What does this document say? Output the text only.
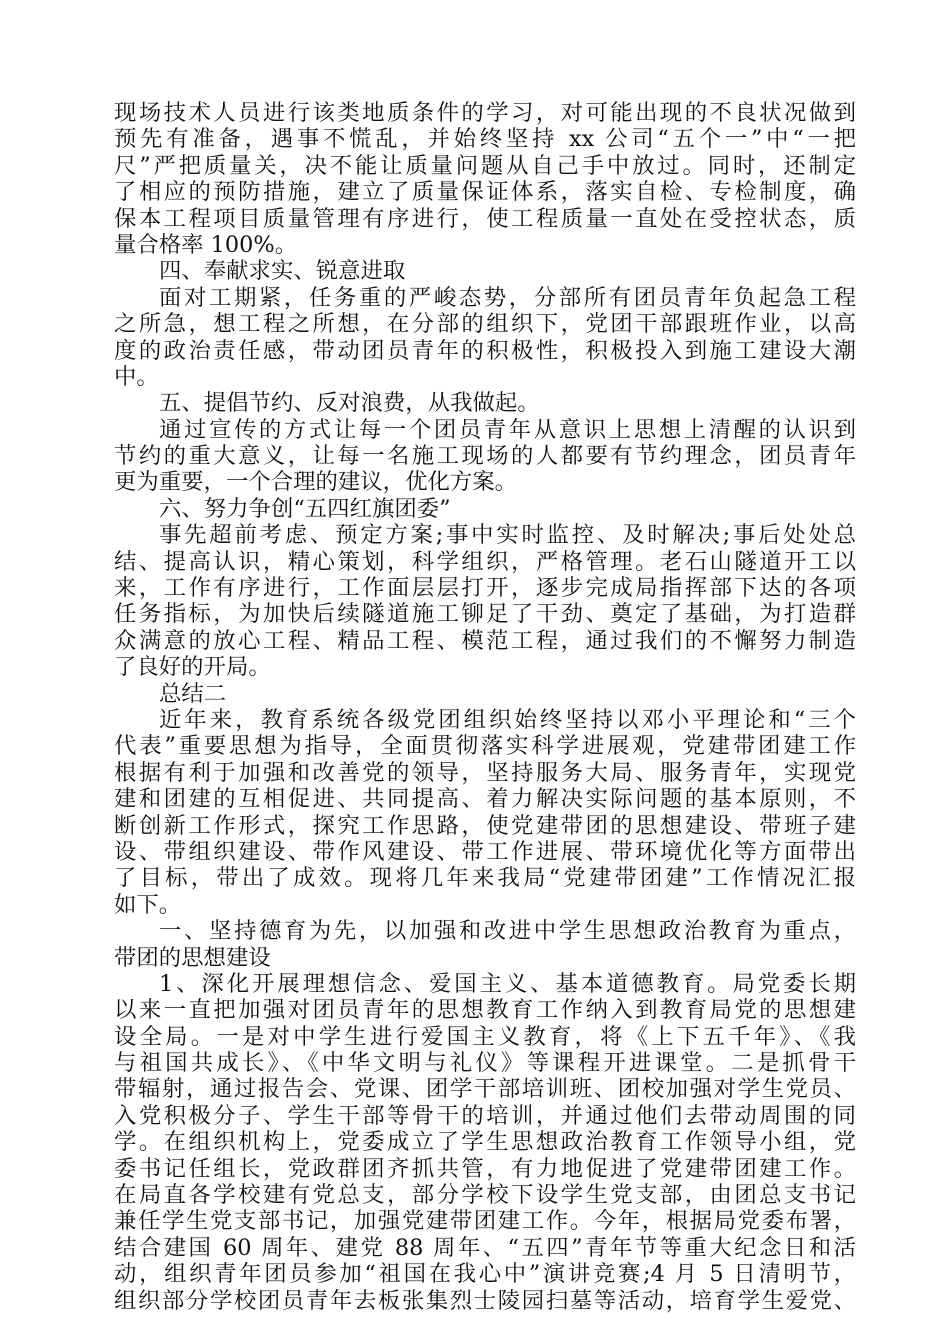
现场技术人员进行该类地质条件的学习，对可能出现的不良状况做到
预先有准备，遇事不慌乱，并始终坚持 xx 公司“五个一”中“一把
尺”严把质量关，决不能让质量问题从自己手中放过。同时，还制定
了相应的预防措施，建立了质量保证体系，落实自检、专检制度，确
保本工程项目质量管理有序进行，使工程质量一直处在受控状态，质
量合格率 100%。
四、奉献求实、锐意进取
面对工期紧，任务重的严峻态势，分部所有团员青年负起急工程
之所急，想工程之所想，在分部的组织下，党团干部跟班作业，以高
度的政治责任感，带动团员青年的积极性，积极投入到施工建设大潮
中。
五、提倡节约、反对浪费，从我做起。
通过宣传的方式让每一个团员青年从意识上思想上清醒的认识到
节约的重大意义，让每一名施工现场的人都要有节约理念，团员青年
更为重要，一个合理的建议，优化方案。
六、努力争创“五四红旗团委”
事先超前考虑、预定方案;事中实时监控、及时解决;事后处处总
结、提高认识，精心策划，科学组织，严格管理。老石山隧道开工以
来，工作有序进行，工作面层层打开，逐步完成局指挥部下达的各项
任务指标，为加快后续隧道施工铆足了干劲、奠定了基础，为打造群
众满意的放心工程、精品工程、模范工程，通过我们的不懈努力制造
了良好的开局。
总结二
近年来，教育系统各级党团组织始终坚持以邓小平理论和“三个
代表”重要思想为指导，全面贯彻落实科学进展观，党建带团建工作
根据有利于加强和改善党的领导，坚持服务大局、服务青年，实现党
建和团建的互相促进、共同提高、着力解决实际问题的基本原则，不
断创新工作形式，探究工作思路，使党建带团的思想建设、带班子建
设、带组织建设、带作风建设、带工作进展、带环境优化等方面带出
了目标，带出了成效。现将几年来我局“党建带团建”工作情况汇报
如下。
一、坚持德育为先，以加强和改进中学生思想政治教育为重点，
带团的思想建设
1、深化开展理想信念、爱国主义、基本道德教育。局党委长期
以来一直把加强对团员青年的思想教育工作纳入到教育局党的思想建
设全局。一是对中学生进行爱国主义教育，将《上下五千年》、《我
与祖国共成长》、《中华文明与礼仪》等课程开进课堂。二是抓骨干
带辐射，通过报告会、党课、团学干部培训班、团校加强对学生党员、
入党积极分子、学生干部等骨干的培训，并通过他们去带动周围的同
学。在组织机构上，党委成立了学生思想政治教育工作领导小组，党
委书记任组长，党政群团齐抓共管，有力地促进了党建带团建工作。
在局直各学校建有党总支，部分学校下设学生党支部，由团总支书记
兼任学生党支部书记，加强党建带团建工作。今年，根据局党委布署，
结合建国 60 周年、建党 88 周年、“五四”青年节等重大纪念日和活
动，组织青年团员参加“祖国在我心中”演讲竞赛;4 月 5 日清明节，
组织部分学校团员青年去板张集烈士陵园扫墓等活动，培育学生爱党、
